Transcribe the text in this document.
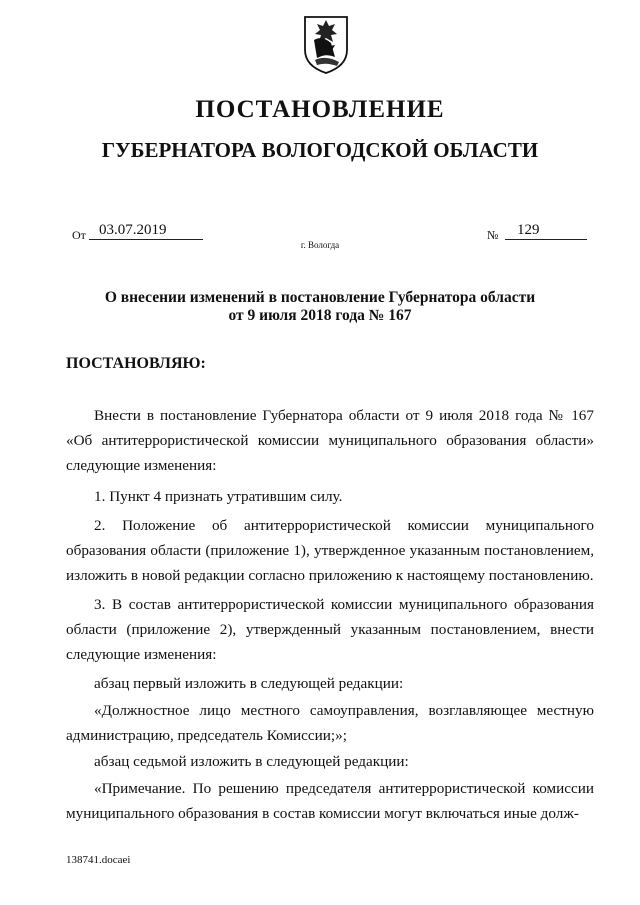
ПОСТАНОВЛЕНИЕ
ГУБЕРНАТОРА ВОЛОГОДСКОЙ ОБЛАСТИ
От 03.07.2019	№	129
г. Вологда
О внесении изменений в постановление Губернатора области
от 9 июля 2018 года № 167
ПОСТАНОВЛЯЮ:

Внести в постановление Губернатора области от 9 июля 2018 года № 167 «Об антитеррористической комиссии муниципального образования области» следующие изменения:

1. Пункт 4 признать утратившим силу.

2. Положение об антитеррористической комиссии муниципального образования области (приложение 1), утвержденное указанным постановлением, изложить в новой редакции согласно приложению к настоящему постановлению.

3. В состав антитеррористической комиссии муниципального образования области (приложение 2), утвержденный указанным постановлением, внести следующие изменения:

абзац первый изложить в следующей редакции:

«Должностное лицо местного самоуправления, возглавляющее местную администрацию, председатель Комиссии;»;

абзац седьмой изложить в следующей редакции:

«Примечание. По решению председателя антитеррористической комиссии муниципального образования в состав комиссии могут включаться иные долж-

138741.docaei
